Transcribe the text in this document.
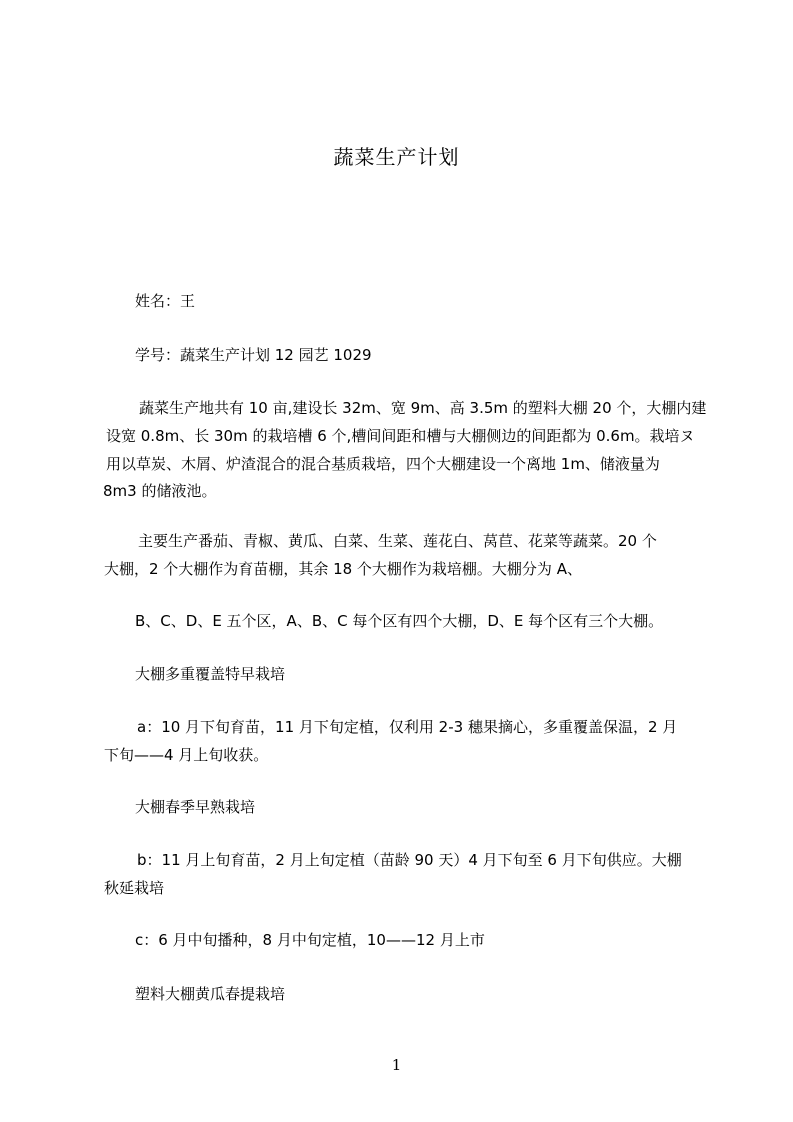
蔬菜生产计划
姓名：王
学号：蔬菜生产计划 12 园艺 1029
蔬菜生产地共有 10 亩,建设长 32m、宽 9m、高 3.5m 的塑料大棚 20 个，大棚内建
设宽 0.8m、长 30m 的栽培槽 6 个,槽间间距和槽与大棚侧边的间距都为 0.6m。栽培ヌ
用以草炭、木屑、炉渣混合的混合基质栽培，四个大棚建设一个离地 1m、储液量为
8m3 的储液池。
主要生产番茄、青椒、黄瓜、白菜、生菜、莲花白、莴苣、花菜等蔬菜。20 个
大棚，2 个大棚作为育苗棚，其余 18 个大棚作为栽培棚。大棚分为 A、
B、C、D、E 五个区，A、B、C 每个区有四个大棚，D、E 每个区有三个大棚。
大棚多重覆盖特早栽培
a：10 月下旬育苗，11 月下旬定植，仅利用 2-3 穗果摘心，多重覆盖保温，2 月
下旬——4 月上旬收获。
大棚春季早熟栽培
b：11 月上旬育苗，2 月上旬定植（苗龄 90 天）4 月下旬至 6 月下旬供应。大棚
秋延栽培
c：6 月中旬播种，8 月中旬定植，10——12 月上市
塑料大棚黄瓜春提栽培
1
